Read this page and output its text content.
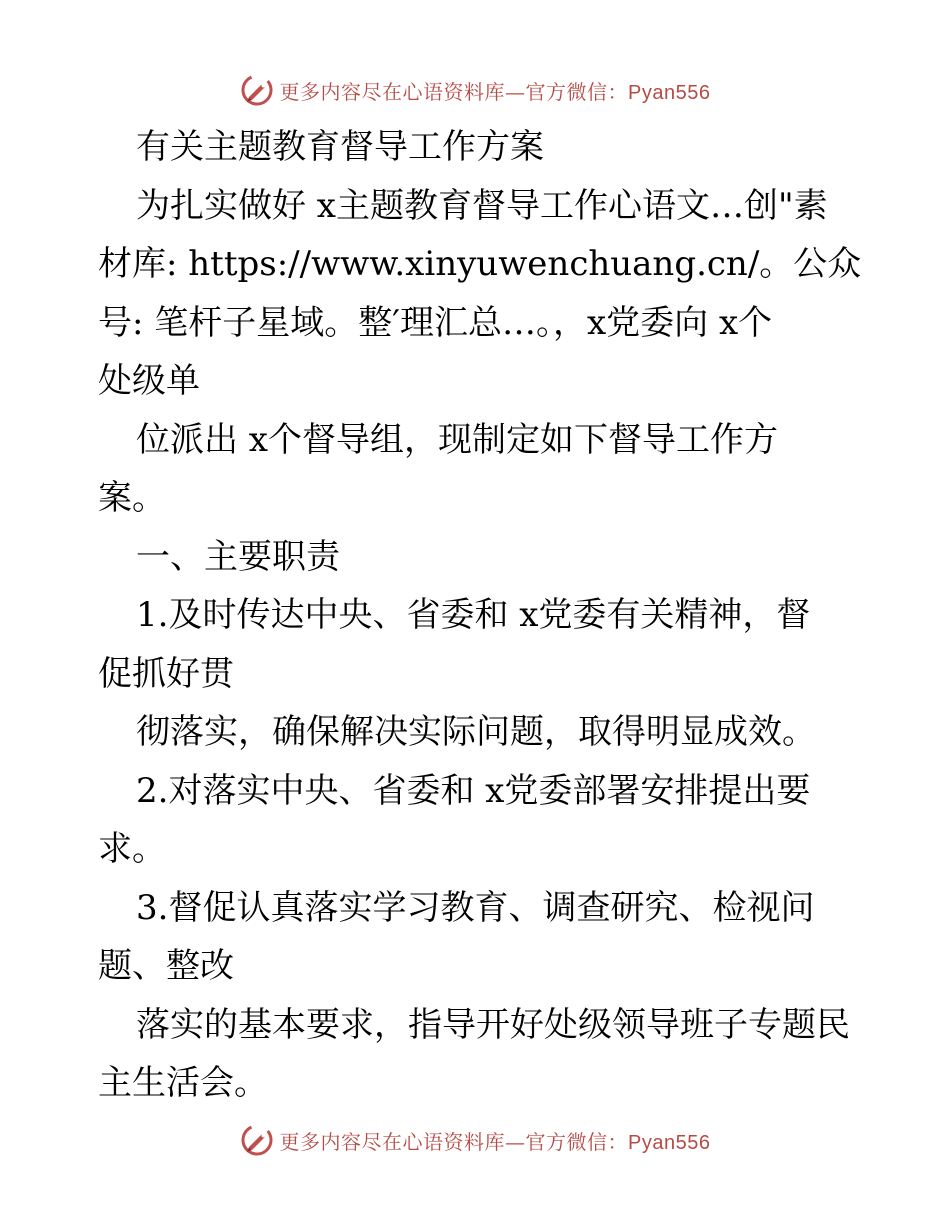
更多内容尽在心语资料库—官方微信：Pyan556
有关主题教育督导工作方案
为扎实做好 x主题教育督导工作心语文…创"素
材库: https://www.xinyuwenchuang.cn/。公众
号: 笔杆子星域。整′理汇总…。，x党委向 x个
处级单
位派出 x个督导组，现制定如下督导工作方
案。
一、主要职责
1.及时传达中央、省委和 x党委有关精神，督
促抓好贯
彻落实，确保解决实际问题，取得明显成效。
2.对落实中央、省委和 x党委部署安排提出要
求。
3.督促认真落实学习教育、调查研究、检视问
题、整改
落实的基本要求，指导开好处级领导班子专题民
主生活会。
更多内容尽在心语资料库—官方微信：Pyan556
